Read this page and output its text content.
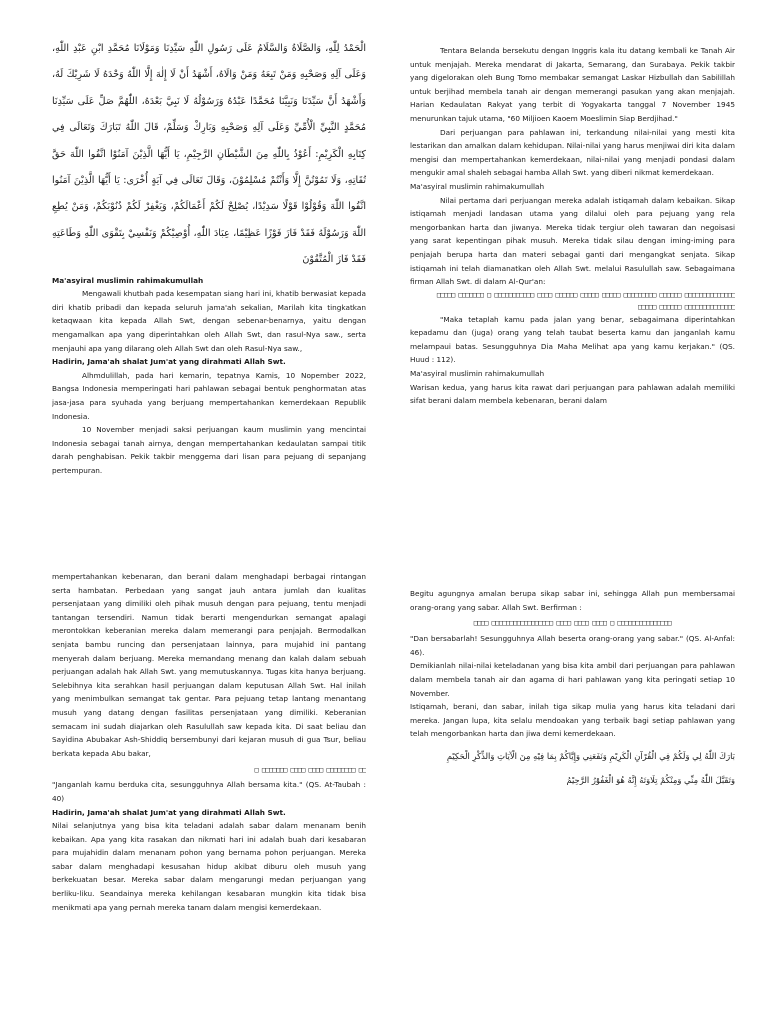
الْحَمْدُ لِلّٰهِ، وَالصَّلَاةُ وَالسَّلَامُ عَلَى رَسُولِ اللّٰهِ سَيِّدِنَا وَمَوْلَانَا مُحَمَّدِ ابْنِ عَبْدِ اللّٰهِ، وَعَلَى آلِهِ وَصَحْبِهِ وَمَنْ تَبِعَهُ وَمَنْ وَالَاهُ، أَشْهَدُ أَنْ لَا إِلٰهَ إِلَّا اللّٰهُ وَحْدَهُ لَا شَرِيْكَ لَهُ، وَأَشْهَدُ أَنَّ سَيِّدَنَا وَنَبِيَّنَا مُحَمَّدًا عَبْدُهُ وَرَسُوْلُهُ لَا نَبِيَّ بَعْدَهُ، اللّٰهُمَّ صَلِّ عَلَى سَيِّدِنَا مُحَمَّدٍ النَّبِيِّ الْأُمِّيِّ وَعَلَى آلِهِ وَصَحْبِهِ وَبَارِكْ وَسَلِّمْ، قَالَ اللّٰهُ تَبَارَكَ وَتَعَالَى فِي كِتَابِهِ الْكَرِيْمِ: أَعُوْذُ بِاللّٰهِ مِنَ الشَّيْطَانِ الرَّجِيْمِ، يَا أَيُّهَا الَّذِيْنَ آمَنُوْا اتَّقُوا اللّٰهَ حَقَّ تُقَاتِهِ، وَلَا تَمُوْتُنَّ إِلَّا وَأَنْتُمْ مُسْلِمُوْنَ، وَقَالَ تَعَالَى فِي آيَةٍ أُخْرَى: يَا أَيُّهَا الَّذِيْنَ آمَنُوا اتَّقُوا اللّٰهَ وَقُوْلُوْا قَوْلًا سَدِيْدًا، يُصْلِحْ لَكُمْ أَعْمَالَكُمْ، وَيَغْفِرْ لَكُمْ ذُنُوْبَكُمْ، وَمَنْ يُطِعِ اللّٰهَ وَرَسُوْلَهُ فَقَدْ فَازَ فَوْزًا عَظِيْمًا، عِبَادَ اللّٰهِ، أُوْصِيْكُمْ وَنَفْسِيْ بِتَقْوَى اللّٰهِ وَطَاعَتِهِ فَقَدْ فَازَ الْمُتَّقُوْنَ
Ma'asyiral muslimin rahimakumullah

Mengawali khutbah pada kesempatan siang hari ini, khatib berwasiat kepada diri khatib pribadi dan kepada seluruh jama'ah sekalian, Marilah kita tingkatkan ketaqwaan kita kepada Allah Swt, dengan sebenar-benarnya, yaitu dengan mengamalkan apa yang diperintahkan oleh Allah Swt, dan rasul-Nya saw., serta menjauhi apa yang dilarang oleh Allah Swt dan oleh Rasul-Nya saw.,

Hadirin, Jama'ah shalat Jum'at yang dirahmati Allah Swt.

Alhmdulillah, pada hari kemarin, tepatnya Kamis, 10 Nopember 2022, Bangsa Indonesia memperingati hari pahlawan sebagai bentuk penghormatan atas jasa-jasa para syuhada yang berjuang mempertahankan kemerdekaan Republik Indonesia.

10 November menjadi saksi perjuangan kaum muslimin yang mencintai Indonesia sebagai tanah airnya, dengan mempertahankan kedaulatan sampai titik darah penghabisan. Pekik takbir menggema dari lisan para pejuang di sepanjang pertempuran.

Tentara Belanda bersekutu dengan Inggris kala itu datang kembali ke Tanah Air untuk menjajah. Mereka mendarat di Jakarta, Semarang, dan Surabaya. Pekik takbir yang digelorakan oleh Bung Tomo membakar semangat Laskar Hizbullah dan Sabilillah untuk berjihad membela tanah air dengan memerangi pasukan yang akan menjajah. Harian Kedaulatan Rakyat yang terbit di Yogyakarta tanggal 7 November 1945 menurunkan tajuk utama, "60 Miljioen Kaoem Moeslimin Siap Berdjihad."

Dari perjuangan para pahlawan ini, terkandung nilai-nilai yang mesti kita lestarikan dan amalkan dalam kehidupan. Nilai-nilai yang harus menjiwai diri kita dalam mengisi dan mempertahankan kemerdekaan, nilai-nilai yang menjadi pondasi dalam mengukir amal shaleh sebagai hamba Allah Swt. yang diberi nikmat kemerdekaan.

Ma'asyiral muslimin rahimakumullah

Nilai pertama dari perjuangan mereka adalah istiqamah dalam kebaikan. Sikap istiqamah menjadi landasan utama yang dilalui oleh para pejuang yang rela mengorbankan harta dan jiwanya. Mereka tidak tergiur oleh tawaran dan negoisasi yang sarat kepentingan pihak musuh. Mereka tidak silau dengan iming-iming para penjajah berupa harta dan materi sebagai ganti dari mengangkat senjata. Sikap istiqamah ini telah diamanatkan oleh Allah Swt. melalui Rasulullah saw. Sebagaimana firman Allah Swt. di dalam Al-Qur'an:

□□□□□□□□□□□□□□ □□□□□□ □□□□□□□□□ □□□□□ □□□□□ □□□□□□ □□□□ □□□□□□□□□□□ □ □□□□□□□ □□□□□
□□□□□□□□□□□□□□ □□□□□□ □□□□□

"Maka tetaplah kamu pada jalan yang benar, sebagaimana diperintahkan kepadamu dan (juga) orang yang telah taubat beserta kamu dan janganlah kamu melampaui batas. Sesungguhnya Dia Maha Melihat apa yang kamu kerjakan." (QS. Huud : 112).

Ma'asyiral muslimin rahimakumullah

Warisan kedua, yang harus kita rawat dari perjuangan para pahlawan adalah memiliki sifat berani dalam membela kebenaran, berani dalam

mempertahankan kebenaran, dan berani dalam menghadapi berbagai rintangan serta hambatan. Perbedaan yang sangat jauh antara jumlah dan kualitas persenjataan yang dimiliki oleh pihak musuh dengan para pejuang, tentu menjadi tantangan tersendiri. Namun tidak berarti mengendurkan semangat apalagi merontokkan keberanian mereka dalam memerangi para penjajah. Bermodalkan senjata bambu runcing dan persenjataan lainnya, para mujahid ini pantang menyerah dalam berjuang. Mereka memandang menang dan kalah dalam sebuah perjuangan adalah hak Allah Swt. yang memutuskannya. Tugas kita hanya berjuang. Selebihnya kita serahkan hasil perjuangan dalam keputusan Allah Swt. Hal inilah yang menimbulkan semangat tak gentar. Para pejuang tetap lantang menantang musuh yang datang dengan fasilitas persenjataan yang dimiliki. Keberanian semacam ini sudah diajarkan oleh Rasulullah saw kepada kita. Di saat beliau dan Sayidina Abubakar Ash-Shiddiq bersembunyi dari kejaran musuh di gua Tsur, beliau berkata kepada Abu bakar,

□□ □□□□□□□□ □□□□ □□□□ □□□□□□□ □

"Janganlah kamu berduka cita, sesungguhnya Allah bersama kita." (QS. At-Taubah : 40)

Hadirin, Jama'ah shalat Jum'at yang dirahmati Allah Swt.

Nilai selanjutnya yang bisa kita teladani adalah sabar dalam menanam benih kebaikan. Apa yang kita rasakan dan nikmati hari ini adalah buah dari kesabaran para mujahidin dalam menanam pohon yang bernama pohon perjuangan. Mereka sabar dalam menghadapi kesusahan hidup akibat diburu oleh musuh yang berkekuatan besar. Mereka sabar dalam mengarungi medan perjuangan yang berliku-liku. Seandainya mereka kehilangan kesabaran mungkin kita tidak bisa menikmati apa yang pernah mereka tanam dalam mengisi kemerdekaan.

Begitu agungnya amalan berupa sikap sabar ini, sehingga Allah pun membersamai orang-orang yang sabar. Allah Swt. Berfirman :

□□□□□□□□□□□□□□□ □ □□□□ □□□□ □□□□ □□□□□□□□□□□□□□□□□ □□□□

"Dan bersabarlah! Sesungguhnya Allah beserta orang-orang yang sabar." (QS. Al-Anfal: 46).

Demikianlah nilai-nilai keteladanan yang bisa kita ambil dari perjuangan para pahlawan dalam membela tanah air dan agama di hari pahlawan yang kita peringati setiap 10 November.

Istiqamah, berani, dan sabar, inilah tiga sikap mulia yang harus kita teladani dari mereka. Jangan lupa, kita selalu mendoakan yang terbaik bagi setiap pahlawan yang telah mengorbankan harta dan jiwa demi kemerdekaan.

بَارَكَ اللّٰهُ لِي وَلَكُمْ فِي الْقُرْآنِ الْكَرِيْمِ وَنَفَعَنِي وَإِيَّاكُمْ بِمَا فِيْهِ مِنَ الْآيَاتِ وَالذِّكْرِ الْحَكِيْمِ
وَتَقَبَّلَ اللّٰهُ مِنِّي وَمِنْكُمْ تِلَاوَتَهُ إِنَّهُ هُوَ الْغَفُوْرُ الرَّحِيْمُ
